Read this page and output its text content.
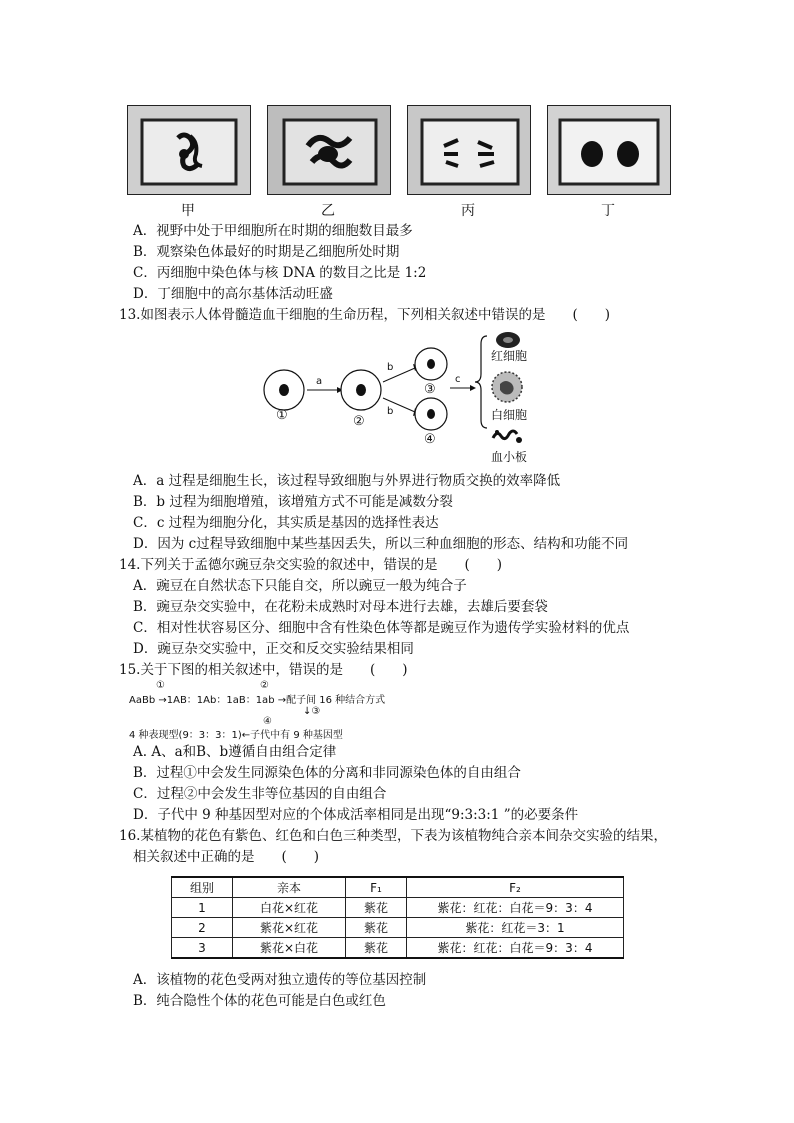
甲	乙	丙	丁
A．视野中处于甲细胞所在时期的细胞数目最多
B．观察染色体最好的时期是乙细胞所处时期
C．丙细胞中染色体与核 DNA 的数目之比是 1:2
D．丁细胞中的高尔基体活动旺盛
13.如图表示人体骨髓造血干细胞的生命历程，下列相关叙述中错误的是　　(　　)
a
b
b
c
①	②
③
④
红细胞
白细胞
血小板
A．a 过程是细胞生长，该过程导致细胞与外界进行物质交换的效率降低
B．b 过程为细胞增殖，该增殖方式不可能是减数分裂
C．c 过程为细胞分化，其实质是基因的选择性表达
D．因为 c过程导致细胞中某些基因丢失，所以三种血细胞的形态、结构和功能不同
14.下列关于孟德尔豌豆杂交实验的叙述中，错误的是　　(　　)
A．豌豆在自然状态下只能自交，所以豌豆一般为纯合子
B．豌豆杂交实验中，在花粉未成熟时对母本进行去雄，去雄后要套袋
C．相对性状容易区分、细胞中含有性染色体等都是豌豆作为遗传学实验材料的优点
D．豌豆杂交实验中，正交和反交实验结果相同
15.关于下图的相关叙述中，错误的是　　(　　)
①	②
AaBb →1AB：1Ab：1aB：1ab →配子间 16 种结合方式
↓③
④
4 种表现型(9：3：3：1)←子代中有 9 种基因型
A. A、a和B、b遵循自由组合定律
B．过程①中会发生同源染色体的分离和非同源染色体的自由组合
C．过程②中会发生非等位基因的自由组合
D．子代中 9 种基因型对应的个体成活率相同是出现“9:3:3:1 ”的必要条件
16.某植物的花色有紫色、红色和白色三种类型，下表为该植物纯合亲本间杂交实验的结果，
相关叙述中正确的是　　(　　)
组别	亲本	F₁	F₂
1	白花×红花	紫花	紫花：红花：白花＝9：3：4
2	紫花×红花	紫花	紫花：红花＝3：1
3	紫花×白花	紫花	紫花：红花：白花＝9：3：4
A．该植物的花色受两对独立遗传的等位基因控制
B．纯合隐性个体的花色可能是白色或红色
